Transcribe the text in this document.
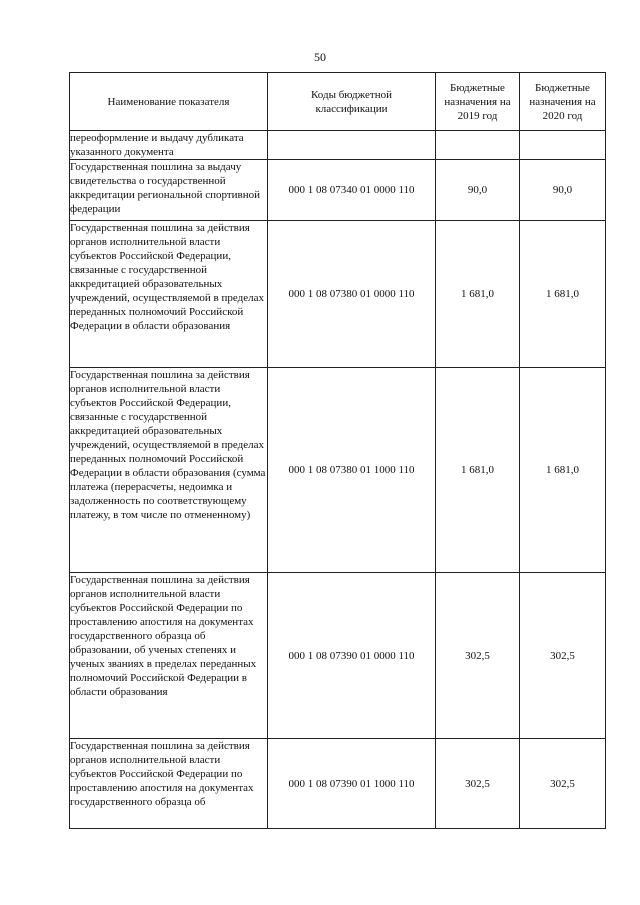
50
Наименование показателя	Коды бюджетной классификации	Бюджетные назначения на 2019 год	Бюджетные назначения на 2020 год
переоформление и выдачу дубликата указанного документа			
Государственная пошлина за выдачу свидетельства о государственной аккредитации региональной спортивной федерации	000 1 08 07340 01 0000 110	90,0	90,0
Государственная пошлина за действия органов исполнительной власти субъектов Российской Федерации, связанные с государственной аккредитацией образовательных учреждений, осуществляемой в пределах переданных полномочий Российской Федерации в области образования	000 1 08 07380 01 0000 110	1 681,0	1 681,0
Государственная пошлина за действия органов исполнительной власти субъектов Российской Федерации, связанные с государственной аккредитацией образовательных учреждений, осуществляемой в пределах переданных полномочий Российской Федерации в области образования (сумма платежа (перерасчеты, недоимка и задолженность по соответствующему платежу, в том числе по отмененному)	000 1 08 07380 01 1000 110	1 681,0	1 681,0
Государственная пошлина за действия органов исполнительной власти субъектов Российской Федерации по проставлению апостиля на документах государственного образца об образовании, об ученых степенях и ученых званиях в пределах переданных полномочий Российской Федерации в области образования	000 1 08 07390 01 0000 110	302,5	302,5
Государственная пошлина за действия органов исполнительной власти субъектов Российской Федерации по проставлению апостиля на документах государственного образца об	000 1 08 07390 01 1000 110	302,5	302,5
